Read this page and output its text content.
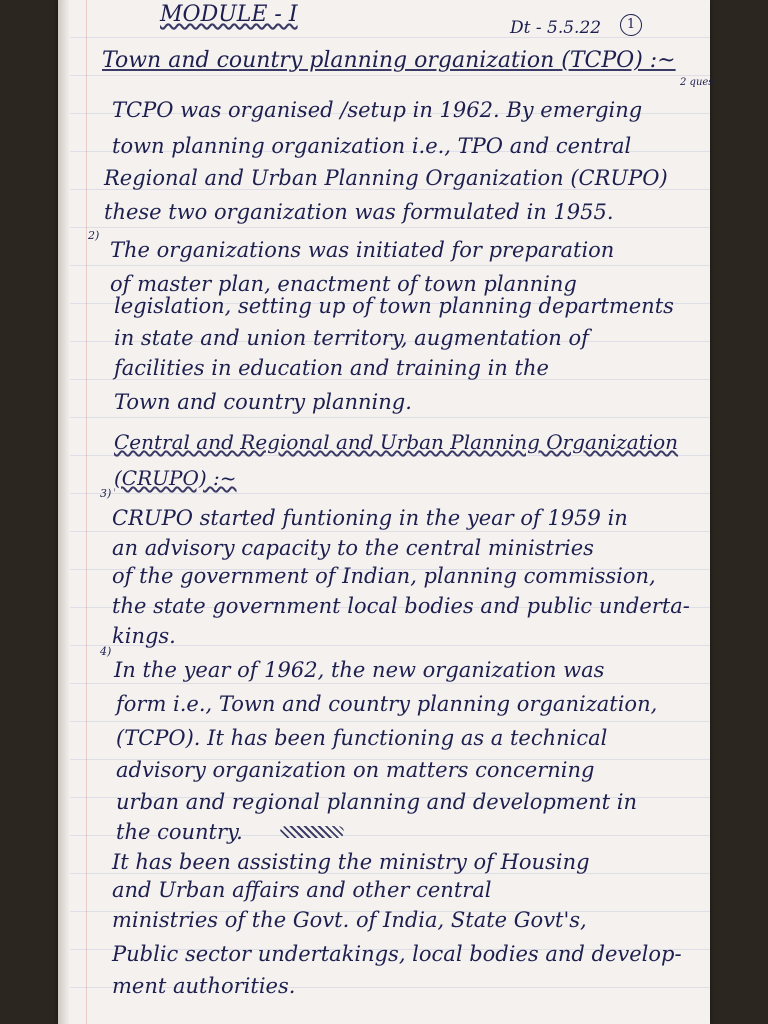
MODULE - I
Dt - 5.5.22	1
Town and country planning organization (TCPO) :~
2 ques
TCPO was organised /setup in 1962. By emerging
town planning organization i.e., TPO and central
Regional and Urban Planning Organization (CRUPO)
these two organization was formulated in 1955.
2)
The organizations was initiated for preparation
of master plan, enactment of town planning
legislation, setting up of town planning departments
in state and union territory, augmentation of
facilities in education and training in the
Town and country planning.
Central and Regional and Urban Planning Organization
(CRUPO) :~
3)
CRUPO started funtioning in the year of 1959 in
an advisory capacity to the central ministries
of the government of Indian, planning commission,
the state government local bodies and public underta-
kings.
4)
In the year of 1962, the new organization was
form i.e., Town and country planning organization,
(TCPO). It has been functioning as a technical
advisory organization on matters concerning
urban and regional planning and development in
the country.
It has been assisting the ministry of Housing
and Urban affairs and other central
ministries of the Govt. of India, State Govt's,
Public sector undertakings, local bodies and develop-
ment authorities.
